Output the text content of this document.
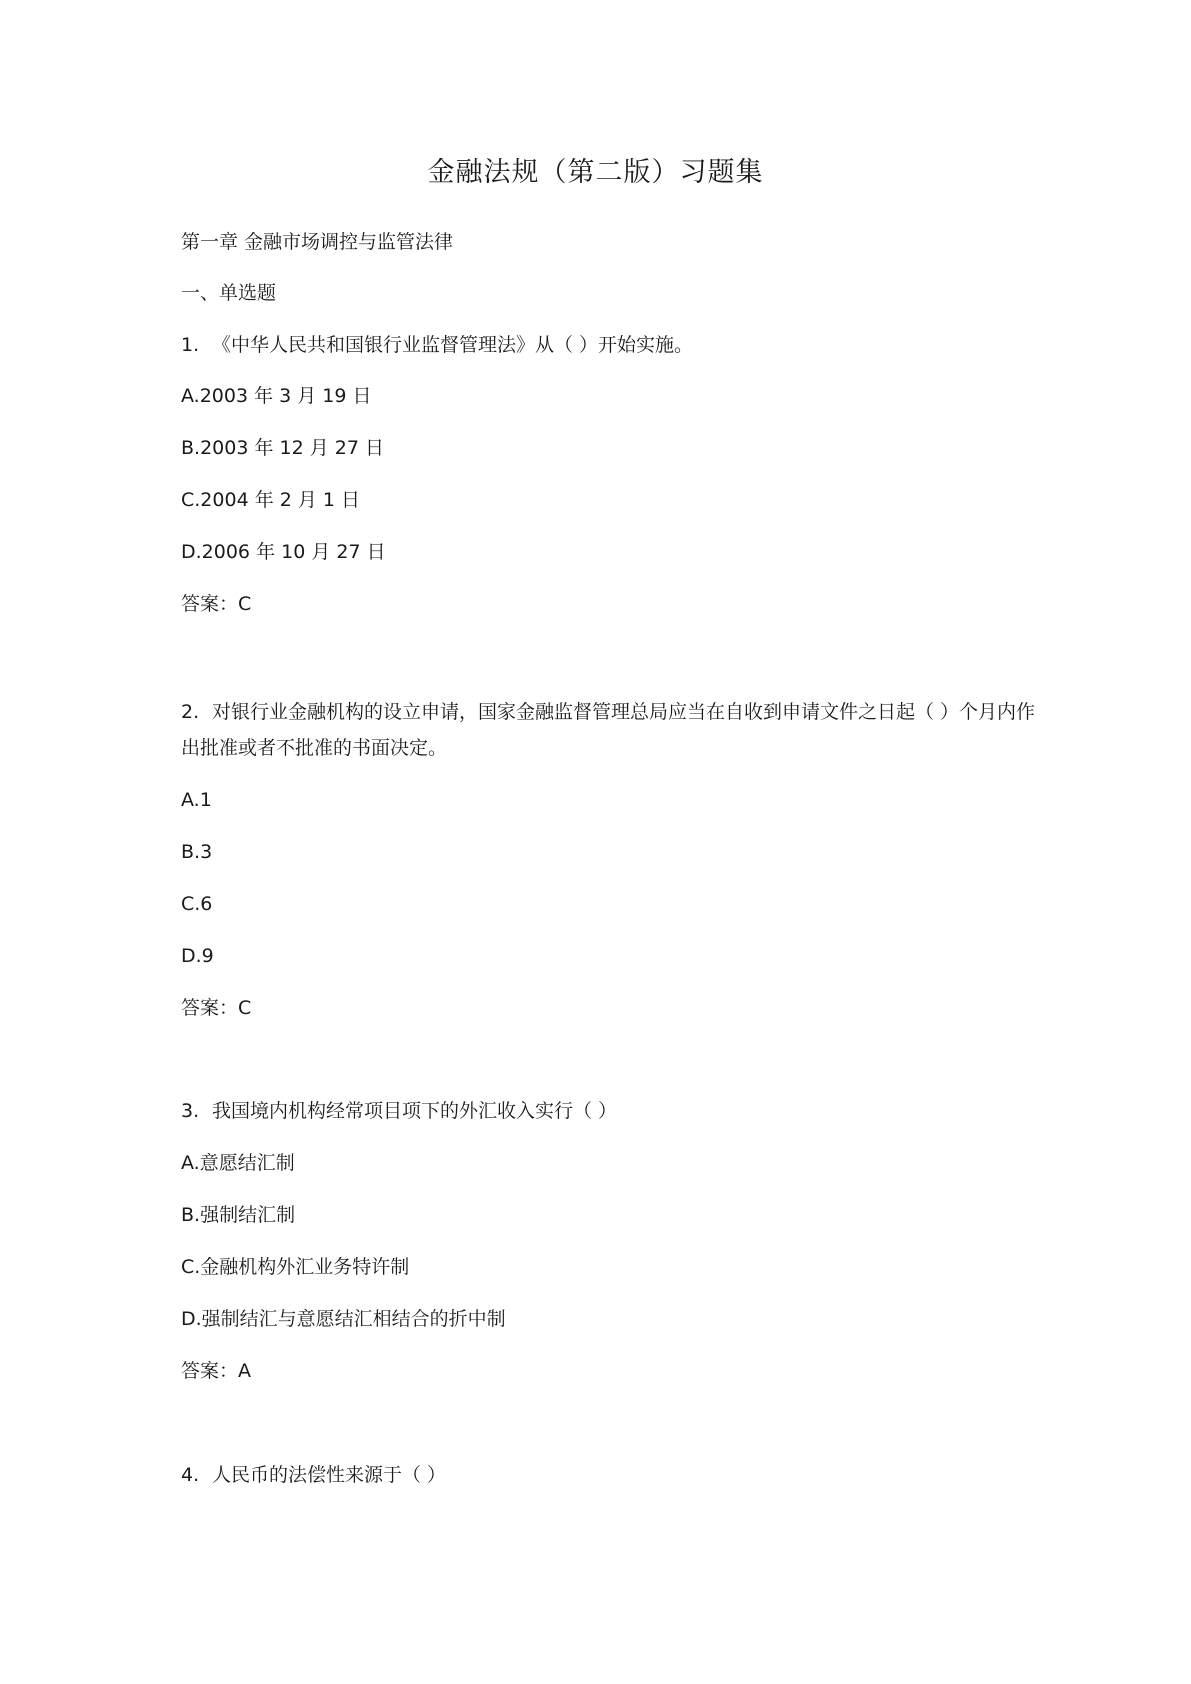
金融法规（第二版）习题集
第一章 金融市场调控与监管法律
一、单选题
1. 《中华人民共和国银行业监督管理法》从（ ）开始实施。
A.2003 年 3 月 19 日
B.2003 年 12 月 27 日
C.2004 年 2 月 1 日
D.2006 年 10 月 27 日
答案：C
2. 对银行业金融机构的设立申请，国家金融监督管理总局应当在自收到申请文件之日起（ ）个月内作出批准或者不批准的书面决定。
A.1
B.3
C.6
D.9
答案：C
3. 我国境内机构经常项目项下的外汇收入实行（ ）
A.意愿结汇制
B.强制结汇制
C.金融机构外汇业务特许制
D.强制结汇与意愿结汇相结合的折中制
答案：A
4. 人民币的法偿性来源于（ ）
